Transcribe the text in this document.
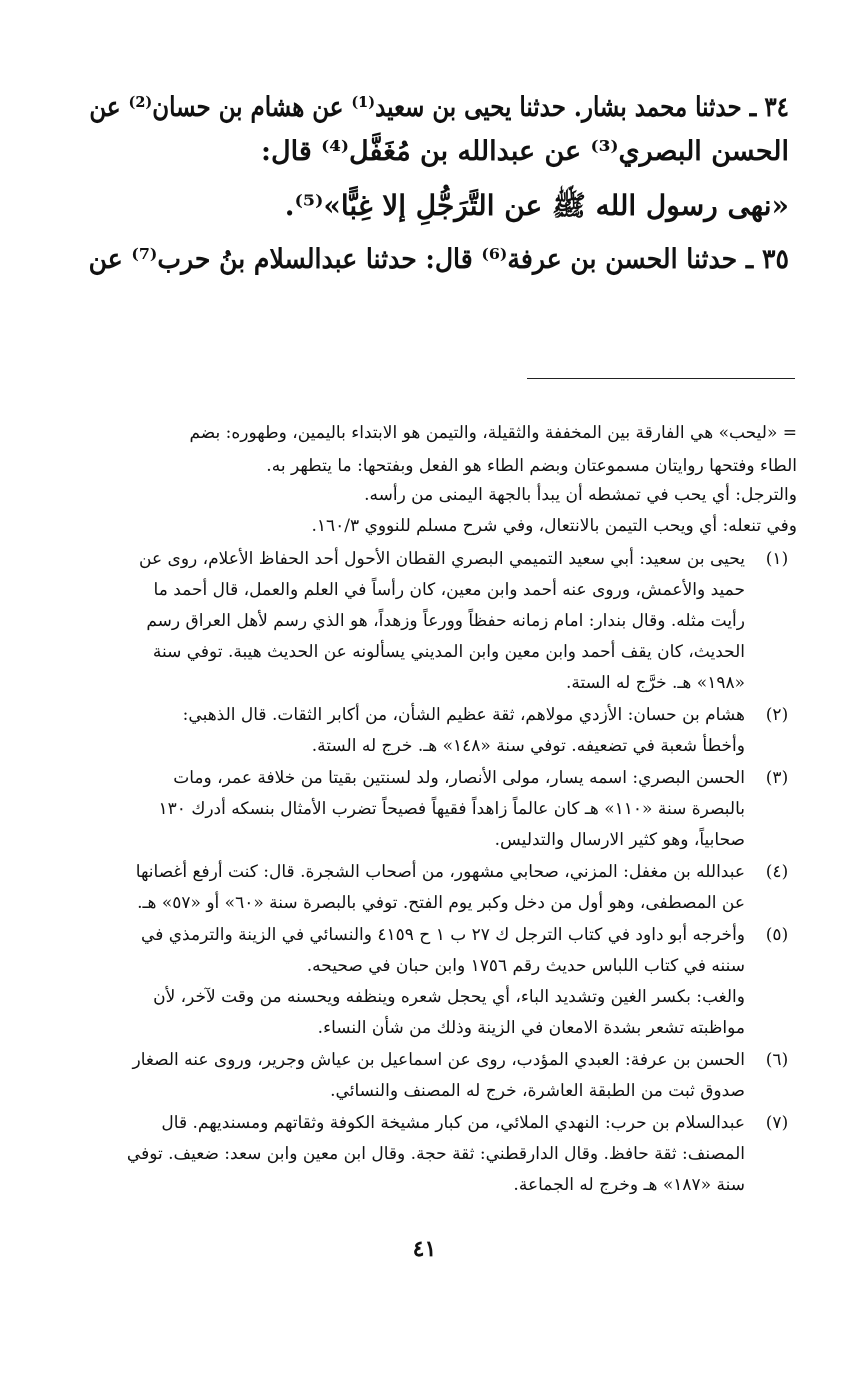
٣٤ ـ حدثنا محمد بشار. حدثنا يحيى بن سعيد⁽¹⁾ عن هشام بن حسان⁽²⁾ عن
الحسن البصري⁽³⁾ عن عبدالله بن مُغَفَّل⁽⁴⁾ قال:
«نهى رسول الله ﷺ عن التَّرَجُّلِ إلا غِبًّا»⁽⁵⁾.
٣٥ ـ حدثنا الحسن بن عرفة⁽⁶⁾ قال: حدثنا عبدالسلام بنُ حرب⁽⁷⁾ عن
= «ليحب» هي الفارقة بين المخففة والثقيلة، والتيمن هو الابتداء باليمين، وطهوره: بضم
الطاء وفتحها روايتان مسموعتان وبضم الطاء هو الفعل وبفتحها: ما يتطهر به.
والترجل: أي يحب في تمشطه أن يبدأ بالجهة اليمنى من رأسه.
وفي تنعله: أي ويحب التيمن بالانتعال، وفي شرح مسلم للنووي ١٦٠/٣.
(١)
يحيى بن سعيد: أبي سعيد التميمي البصري القطان الأحول أحد الحفاظ الأعلام، روى عن
حميد والأعمش، وروى عنه أحمد وابن معين، كان رأساً في العلم والعمل، قال أحمد ما
رأيت مثله. وقال بندار: امام زمانه حفظاً وورعاً وزهداً، هو الذي رسم لأهل العراق رسم
الحديث، كان يقف أحمد وابن معين وابن المديني يسألونه عن الحديث هيبة. توفي سنة
«١٩٨» هـ. خرَّج له الستة.
(٢)
هشام بن حسان: الأزدي مولاهم، ثقة عظيم الشأن، من أكابر الثقات. قال الذهبي:
وأخطأ شعبة في تضعيفه. توفي سنة «١٤٨» هـ. خرج له الستة.
(٣)
الحسن البصري: اسمه يسار، مولى الأنصار، ولد لسنتين بقيتا من خلافة عمر، ومات
بالبصرة سنة «١١٠» هـ كان عالماً زاهداً فقيهاً فصيحاً تضرب الأمثال بنسكه أدرك ١٣٠
صحابياً، وهو كثير الارسال والتدليس.
(٤)
عبدالله بن مغفل: المزني، صحابي مشهور، من أصحاب الشجرة. قال: كنت أرفع أغصانها
عن المصطفى، وهو أول من دخل وكبر يوم الفتح. توفي بالبصرة سنة «٦٠» أو «٥٧» هـ.
(٥)
وأخرجه أبو داود في كتاب الترجل ك ٢٧ ب ١ ح ٤١٥٩ والنسائي في الزينة والترمذي في
سننه في كتاب اللباس حديث رقم ١٧٥٦ وابن حبان في صحيحه.
والغب: بكسر الغين وتشديد الباء، أي يحجل شعره وينظفه ويحسنه من وقت لآخر، لأن
مواظبته تشعر بشدة الامعان في الزينة وذلك من شأن النساء.
(٦)
الحسن بن عرفة: العبدي المؤدب، روى عن اسماعيل بن عياش وجرير، وروى عنه الصغار
صدوق ثبت من الطبقة العاشرة، خرج له المصنف والنسائي.
(٧)
عبدالسلام بن حرب: النهدي الملائي، من كبار مشيخة الكوفة وثقاتهم ومسنديهم. قال
المصنف: ثقة حافظ. وقال الدارقطني: ثقة حجة. وقال ابن معين وابن سعد: ضعيف. توفي
سنة «١٨٧» هـ وخرج له الجماعة.
٤١
